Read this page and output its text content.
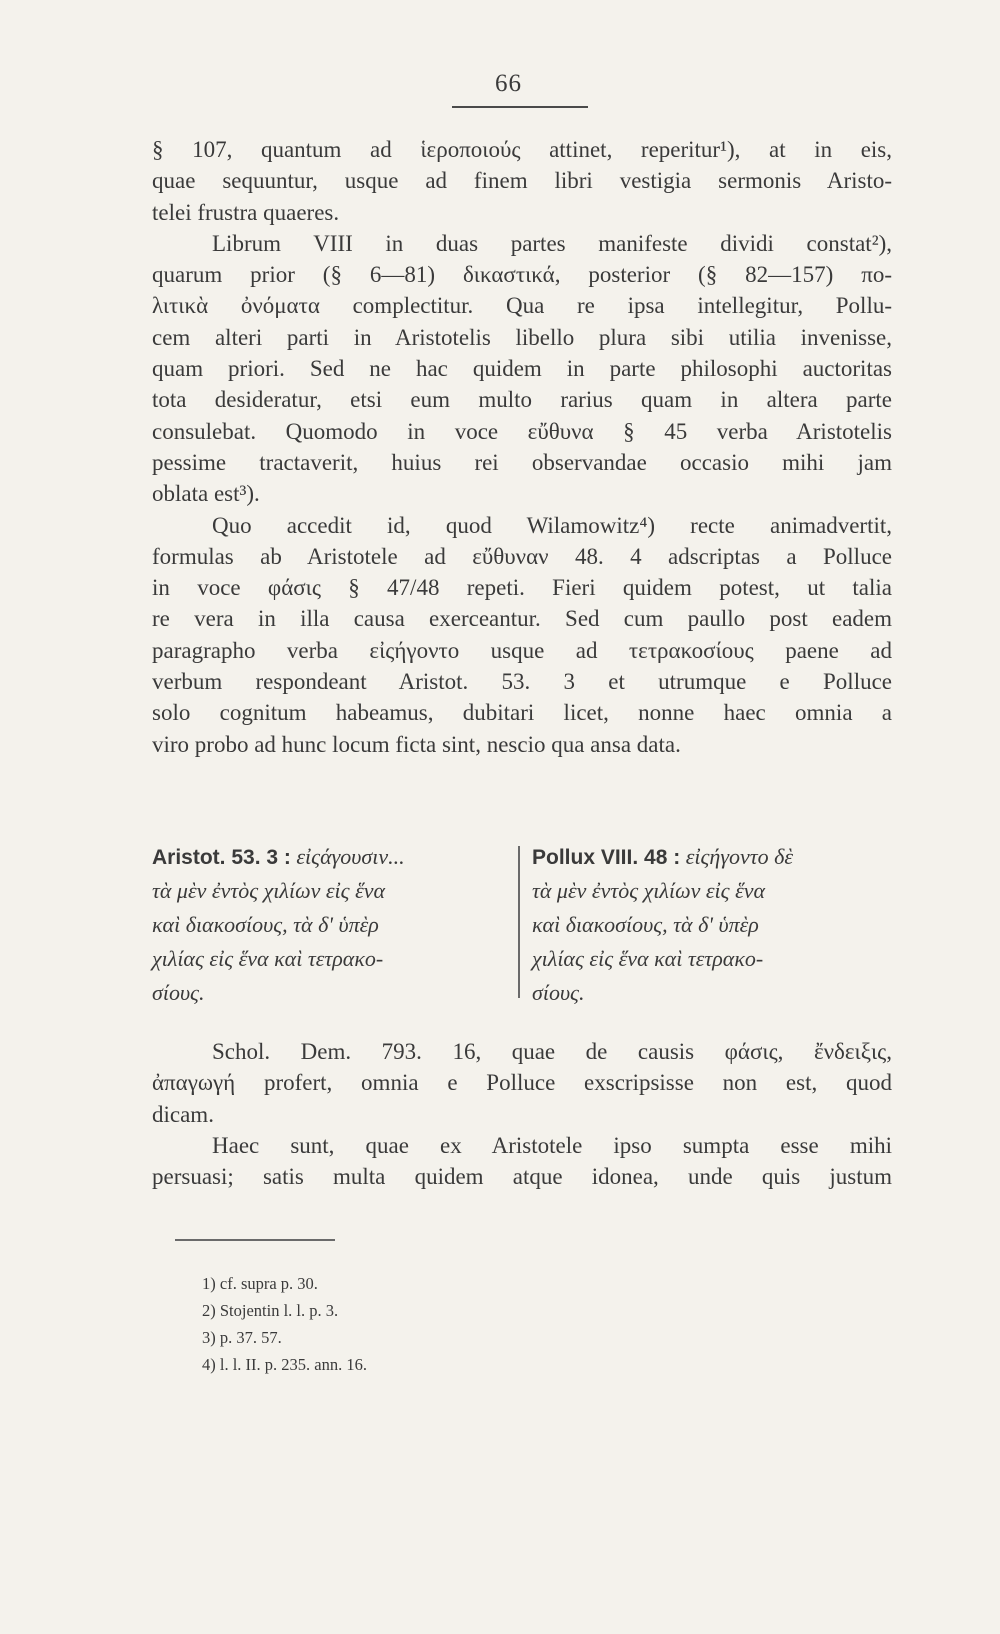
66
§ 107, quantum ad ἱεροποιούς attinet, reperitur¹), at in eis,
quae sequuntur, usque ad finem libri vestigia sermonis Aristo-
telei frustra quaeres.
Librum VIII in duas partes manifeste dividi constat²),
quarum prior (§ 6—81) δικαστικά, posterior (§ 82—157) πο-
λιτικὰ ὀνόματα complectitur. Qua re ipsa intellegitur, Pollu-
cem alteri parti in Aristotelis libello plura sibi utilia invenisse,
quam priori. Sed ne hac quidem in parte philosophi auctoritas
tota desideratur, etsi eum multo rarius quam in altera parte
consulebat. Quomodo in voce εὔθυνα § 45 verba Aristotelis
pessime tractaverit, huius rei observandae occasio mihi jam
oblata est³).
Quo accedit id, quod Wilamowitz⁴) recte animadvertit,
formulas ab Aristotele ad εὔθυναν 48. 4 adscriptas a Polluce
in voce φάσις § 47/48 repeti. Fieri quidem potest, ut talia
re vera in illa causa exerceantur. Sed cum paullo post eadem
paragrapho verba εἰςήγοντο usque ad τετρακοσίους paene ad
verbum respondeant Aristot. 53. 3 et utrumque e Polluce
solo cognitum habeamus, dubitari licet, nonne haec omnia a
viro probo ad hunc locum ficta sint, nescio qua ansa data.
Aristot. 53. 3 : εἰςάγουσιν...
τὰ μὲν ἐντὸς χιλίων εἰς ἕνα
καὶ διακοσίους, τὰ δ' ὑπὲρ
χιλίας εἰς ἕνα καὶ τετρακο-
σίους.
Pollux VIII. 48 : εἰςήγοντο δὲ
τὰ μὲν ἐντὸς χιλίων εἰς ἕνα
καὶ διακοσίους, τὰ δ' ὑπὲρ
χιλίας εἰς ἕνα καὶ τετρακο-
σίους.
Schol. Dem. 793. 16, quae de causis φάσις, ἔνδειξις,
ἀπαγωγή profert, omnia e Polluce exscripsisse non est, quod
dicam.
Haec sunt, quae ex Aristotele ipso sumpta esse mihi
persuasi; satis multa quidem atque idonea, unde quis justum
1) cf. supra p. 30.
2) Stojentin l. l. p. 3.
3) p. 37. 57.
4) l. l. II. p. 235. ann. 16.
